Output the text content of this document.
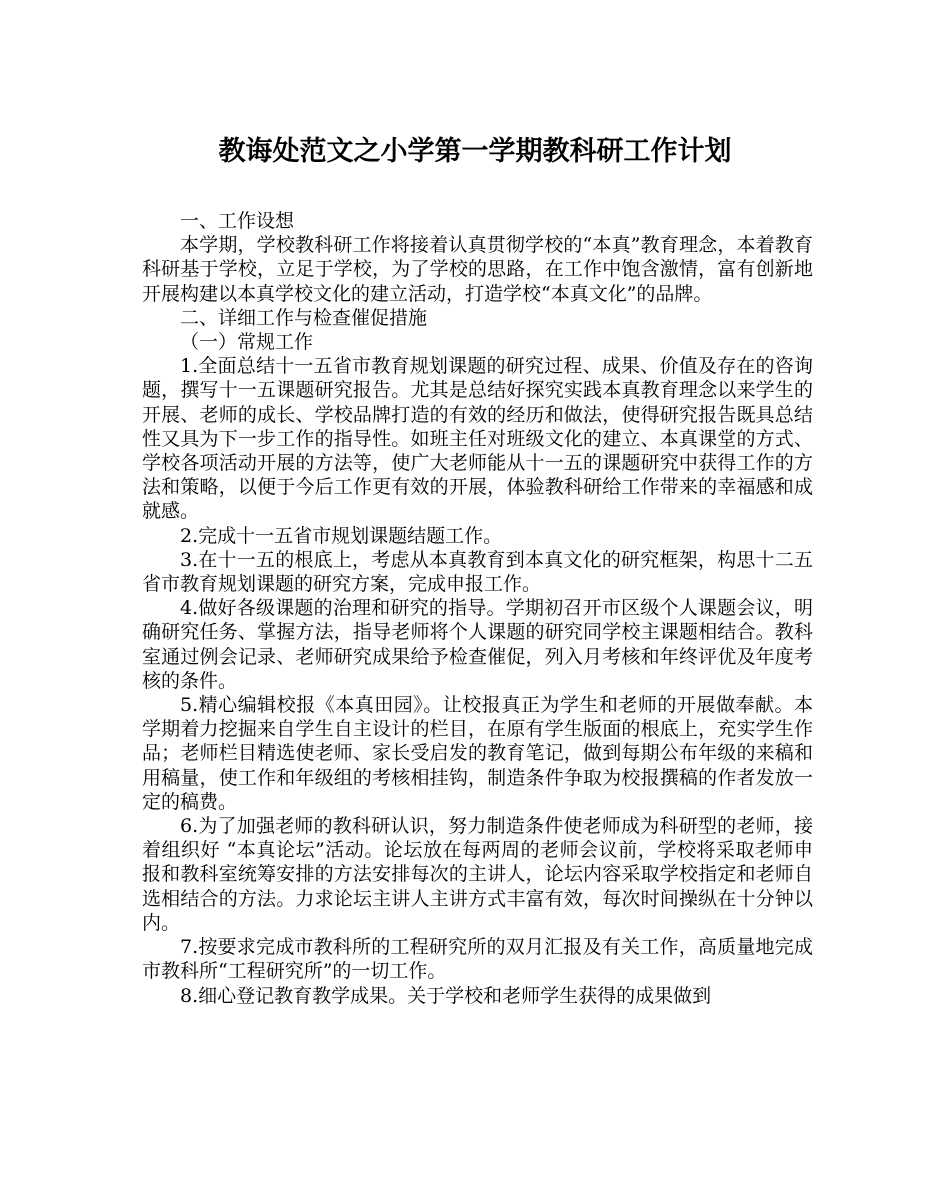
教诲处范文之小学第一学期教科研工作计划

一、工作设想

本学期，学校教科研工作将接着认真贯彻学校的“本真”教育理念，本着教育科研基于学校，立足于学校，为了学校的思路，在工作中饱含激情，富有创新地开展构建以本真学校文化的建立活动，打造学校“本真文化”的品牌。

二、详细工作与检查催促措施

（一）常规工作

1.全面总结十一五省市教育规划课题的研究过程、成果、价值及存在的咨询题，撰写十一五课题研究报告。尤其是总结好探究实践本真教育理念以来学生的开展、老师的成长、学校品牌打造的有效的经历和做法，使得研究报告既具总结性又具为下一步工作的指导性。如班主任对班级文化的建立、本真课堂的方式、学校各项活动开展的方法等，使广大老师能从十一五的课题研究中获得工作的方法和策略，以便于今后工作更有效的开展，体验教科研给工作带来的幸福感和成就感。

2.完成十一五省市规划课题结题工作。

3.在十一五的根底上，考虑从本真教育到本真文化的研究框架，构思十二五省市教育规划课题的研究方案，完成申报工作。

4.做好各级课题的治理和研究的指导。学期初召开市区级个人课题会议，明确研究任务、掌握方法，指导老师将个人课题的研究同学校主课题相结合。教科室通过例会记录、老师研究成果给予检查催促，列入月考核和年终评优及年度考核的条件。

5.精心编辑校报《本真田园》。让校报真正为学生和老师的开展做奉献。本学期着力挖掘来自学生自主设计的栏目，在原有学生版面的根底上，充实学生作品；老师栏目精选使老师、家长受启发的教育笔记，做到每期公布年级的来稿和用稿量，使工作和年级组的考核相挂钩，制造条件争取为校报撰稿的作者发放一定的稿费。

6.为了加强老师的教科研认识，努力制造条件使老师成为科研型的老师，接着组织好 “本真论坛”活动。论坛放在每两周的老师会议前，学校将采取老师申报和教科室统筹安排的方法安排每次的主讲人，论坛内容采取学校指定和老师自选相结合的方法。力求论坛主讲人主讲方式丰富有效，每次时间操纵在十分钟以内。

7.按要求完成市教科所的工程研究所的双月汇报及有关工作，高质量地完成市教科所“工程研究所”的一切工作。

8.细心登记教育教学成果。关于学校和老师学生获得的成果做到
